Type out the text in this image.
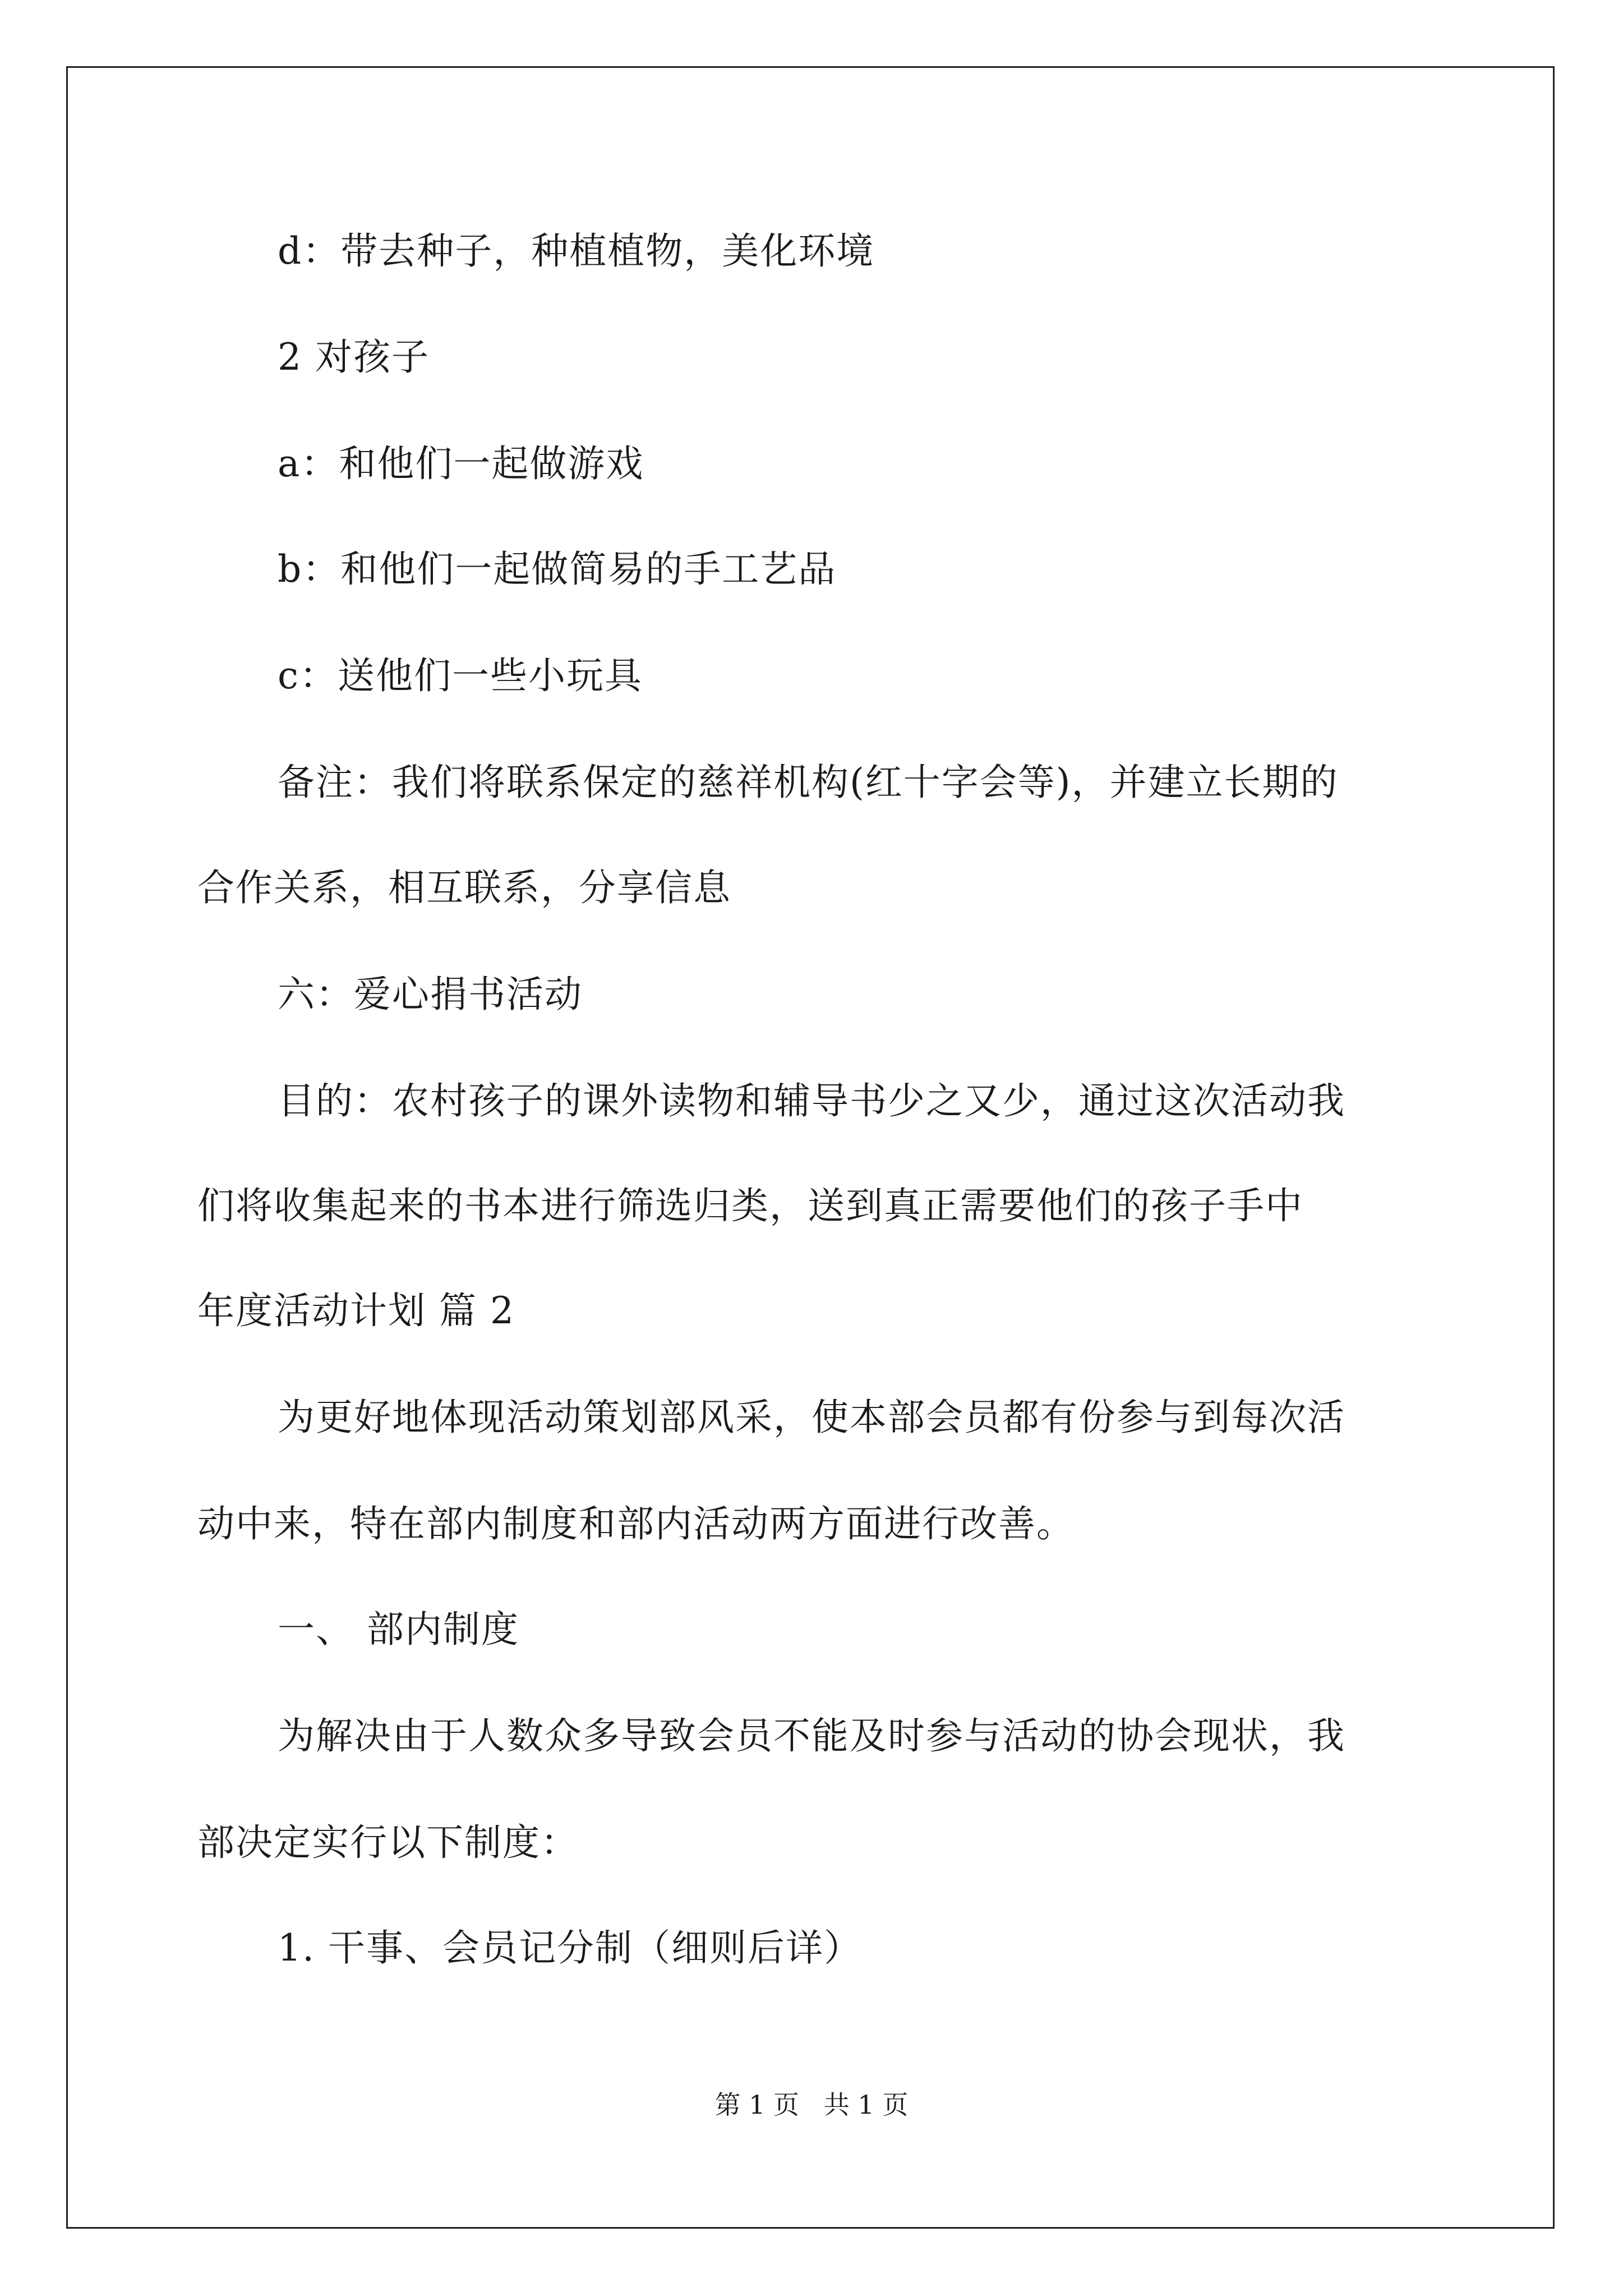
d：带去种子，种植植物，美化环境
2 对孩子
a：和他们一起做游戏
b：和他们一起做简易的手工艺品
c：送他们一些小玩具
备注：我们将联系保定的慈祥机构(红十字会等)，并建立长期的
合作关系，相互联系，分享信息
六：爱心捐书活动
目的：农村孩子的课外读物和辅导书少之又少，通过这次活动我
们将收集起来的书本进行筛选归类，送到真正需要他们的孩子手中
年度活动计划 篇 2
为更好地体现活动策划部风采，使本部会员都有份参与到每次活
动中来，特在部内制度和部内活动两方面进行改善。
一、 部内制度
为解决由于人数众多导致会员不能及时参与活动的协会现状，我
部决定实行以下制度：
1. 干事、会员记分制（细则后详）
第 1 页   共 1 页
